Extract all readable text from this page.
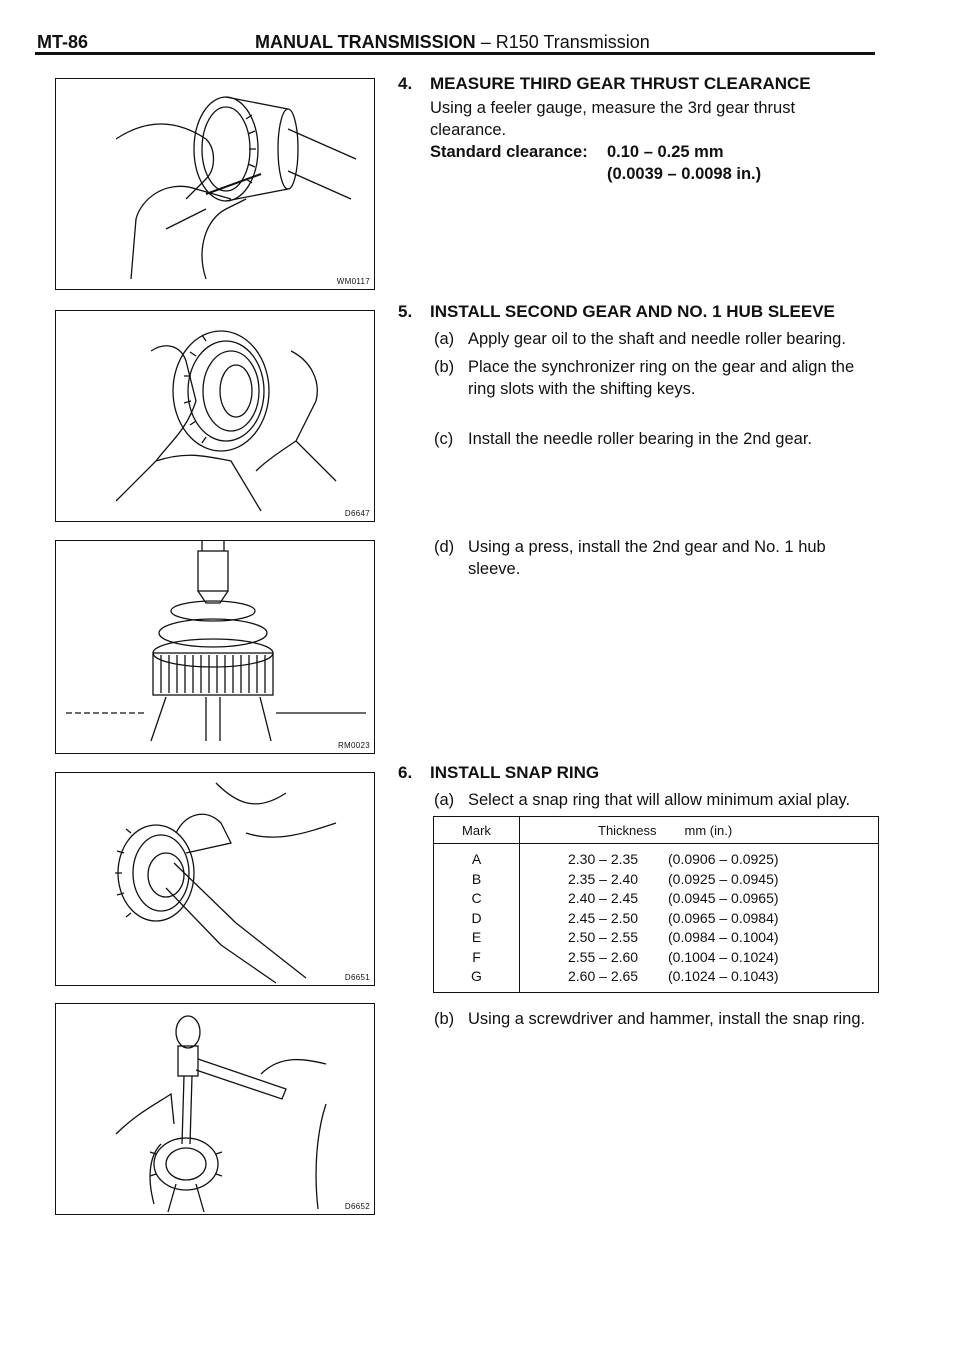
MT-86	MANUAL TRANSMISSION – R150 Transmission
WM0117
D6647
RM0023
D6651
D6652
4. MEASURE THIRD GEAR THRUST CLEARANCE
Using a feeler gauge, measure the 3rd gear thrust clearance.
Standard clearance: 0.10 – 0.25 mm
(0.0039 – 0.0098 in.)
5. INSTALL SECOND GEAR AND NO. 1 HUB SLEEVE
(a) Apply gear oil to the shaft and needle roller bearing.
(b) Place the synchronizer ring on the gear and align the ring slots with the shifting keys.
(c) Install the needle roller bearing in the 2nd gear.
(d) Using a press, install the 2nd gear and No. 1 hub sleeve.
6. INSTALL SNAP RING
(a) Select a snap ring that will allow minimum axial play.
Mark	Thickness mm (in.)
A	2.30 – 2.35 (0.0906 – 0.0925)
B	2.35 – 2.40 (0.0925 – 0.0945)
C	2.40 – 2.45 (0.0945 – 0.0965)
D	2.45 – 2.50 (0.0965 – 0.0984)
E	2.50 – 2.55 (0.0984 – 0.1004)
F	2.55 – 2.60 (0.1004 – 0.1024)
G	2.60 – 2.65 (0.1024 – 0.1043)
(b) Using a screwdriver and hammer, install the snap ring.
